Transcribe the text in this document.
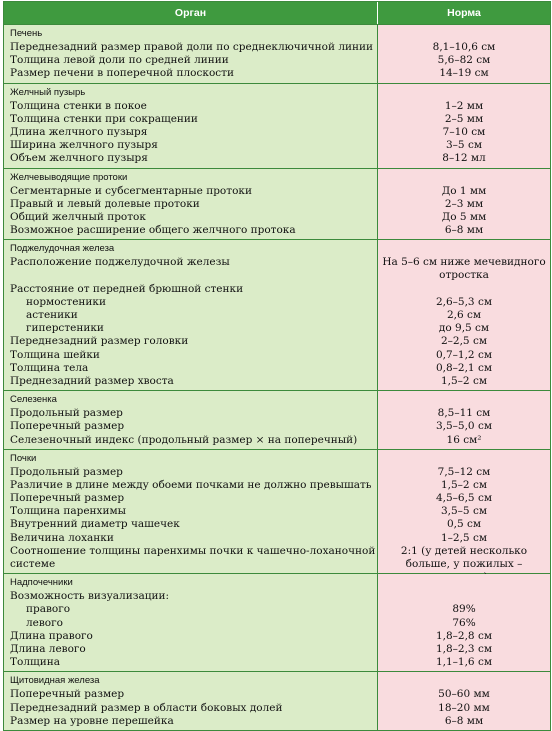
Орган	Норма
Печень
Переднезадний размер правой доли по среднеключичной линии
Толщина левой доли по средней линии
Размер печени в поперечной плоскости
8,1–10,6 см
5,6–82 см
14–19 см
Желчный пузырь
Толщина стенки в покое
Толщина стенки при сокращении
Длина желчного пузыря
Ширина желчного пузыря
Объем желчного пузыря
1–2 мм
2–5 мм
7–10 см
3–5 см
8–12 мл
Желчевыводящие протоки
Сегментарные и субсегментарные протоки
Правый и левый долевые протоки
Общий желчный проток
Возможное расширение общего желчного протока
До 1 мм
2–3 мм
До 5 мм
6–8 мм
Поджелудочная железа
Расположение поджелудочной железы
Расстояние от передней брюшной стенки
нормостеники
астеники
гиперстеники
Переднезадний размер головки
Толщина шейки
Толщина тела
Преднезадний размер хвоста
На 5–6 см ниже мечевидного отростка
2,6–5,3 см
2,6 см
до 9,5 см
2–2,5 см
0,7–1,2 см
0,8–2,1 см
1,5–2 см
Селезенка
Продольный размер
Поперечный размер
Селезеночный индекс (продольный размер × на поперечный)
8,5–11 см
3,5–5,0 см
16 см²
Почки
Продольный размер
Различие в длине между обоеми почками не должно превышать
Поперечный размер
Толщина паренхимы
Внутренний диаметр чашечек
Величина лоханки
Соотношение толщины паренхимы почки к чашечно-лоханочной системе
7,5–12 см
1,5–2 см
4,5–6,5 см
3,5–5 см
0,5 см
1–2,5 см
2:1 (у детей несколько больше, у пожилых –
Надпочечники
Возможность визуализации:
правого
левого
Длина правого
Длина левого
Толщина
89%
76%
1,8–2,8 см
1,8–2,3 см
1,1–1,6 см
Щитовидная железа
Поперечный размер
Переднезадний размер в области боковых долей
Размер на уровне перешейка
50–60 мм
18–20 мм
6–8 мм
